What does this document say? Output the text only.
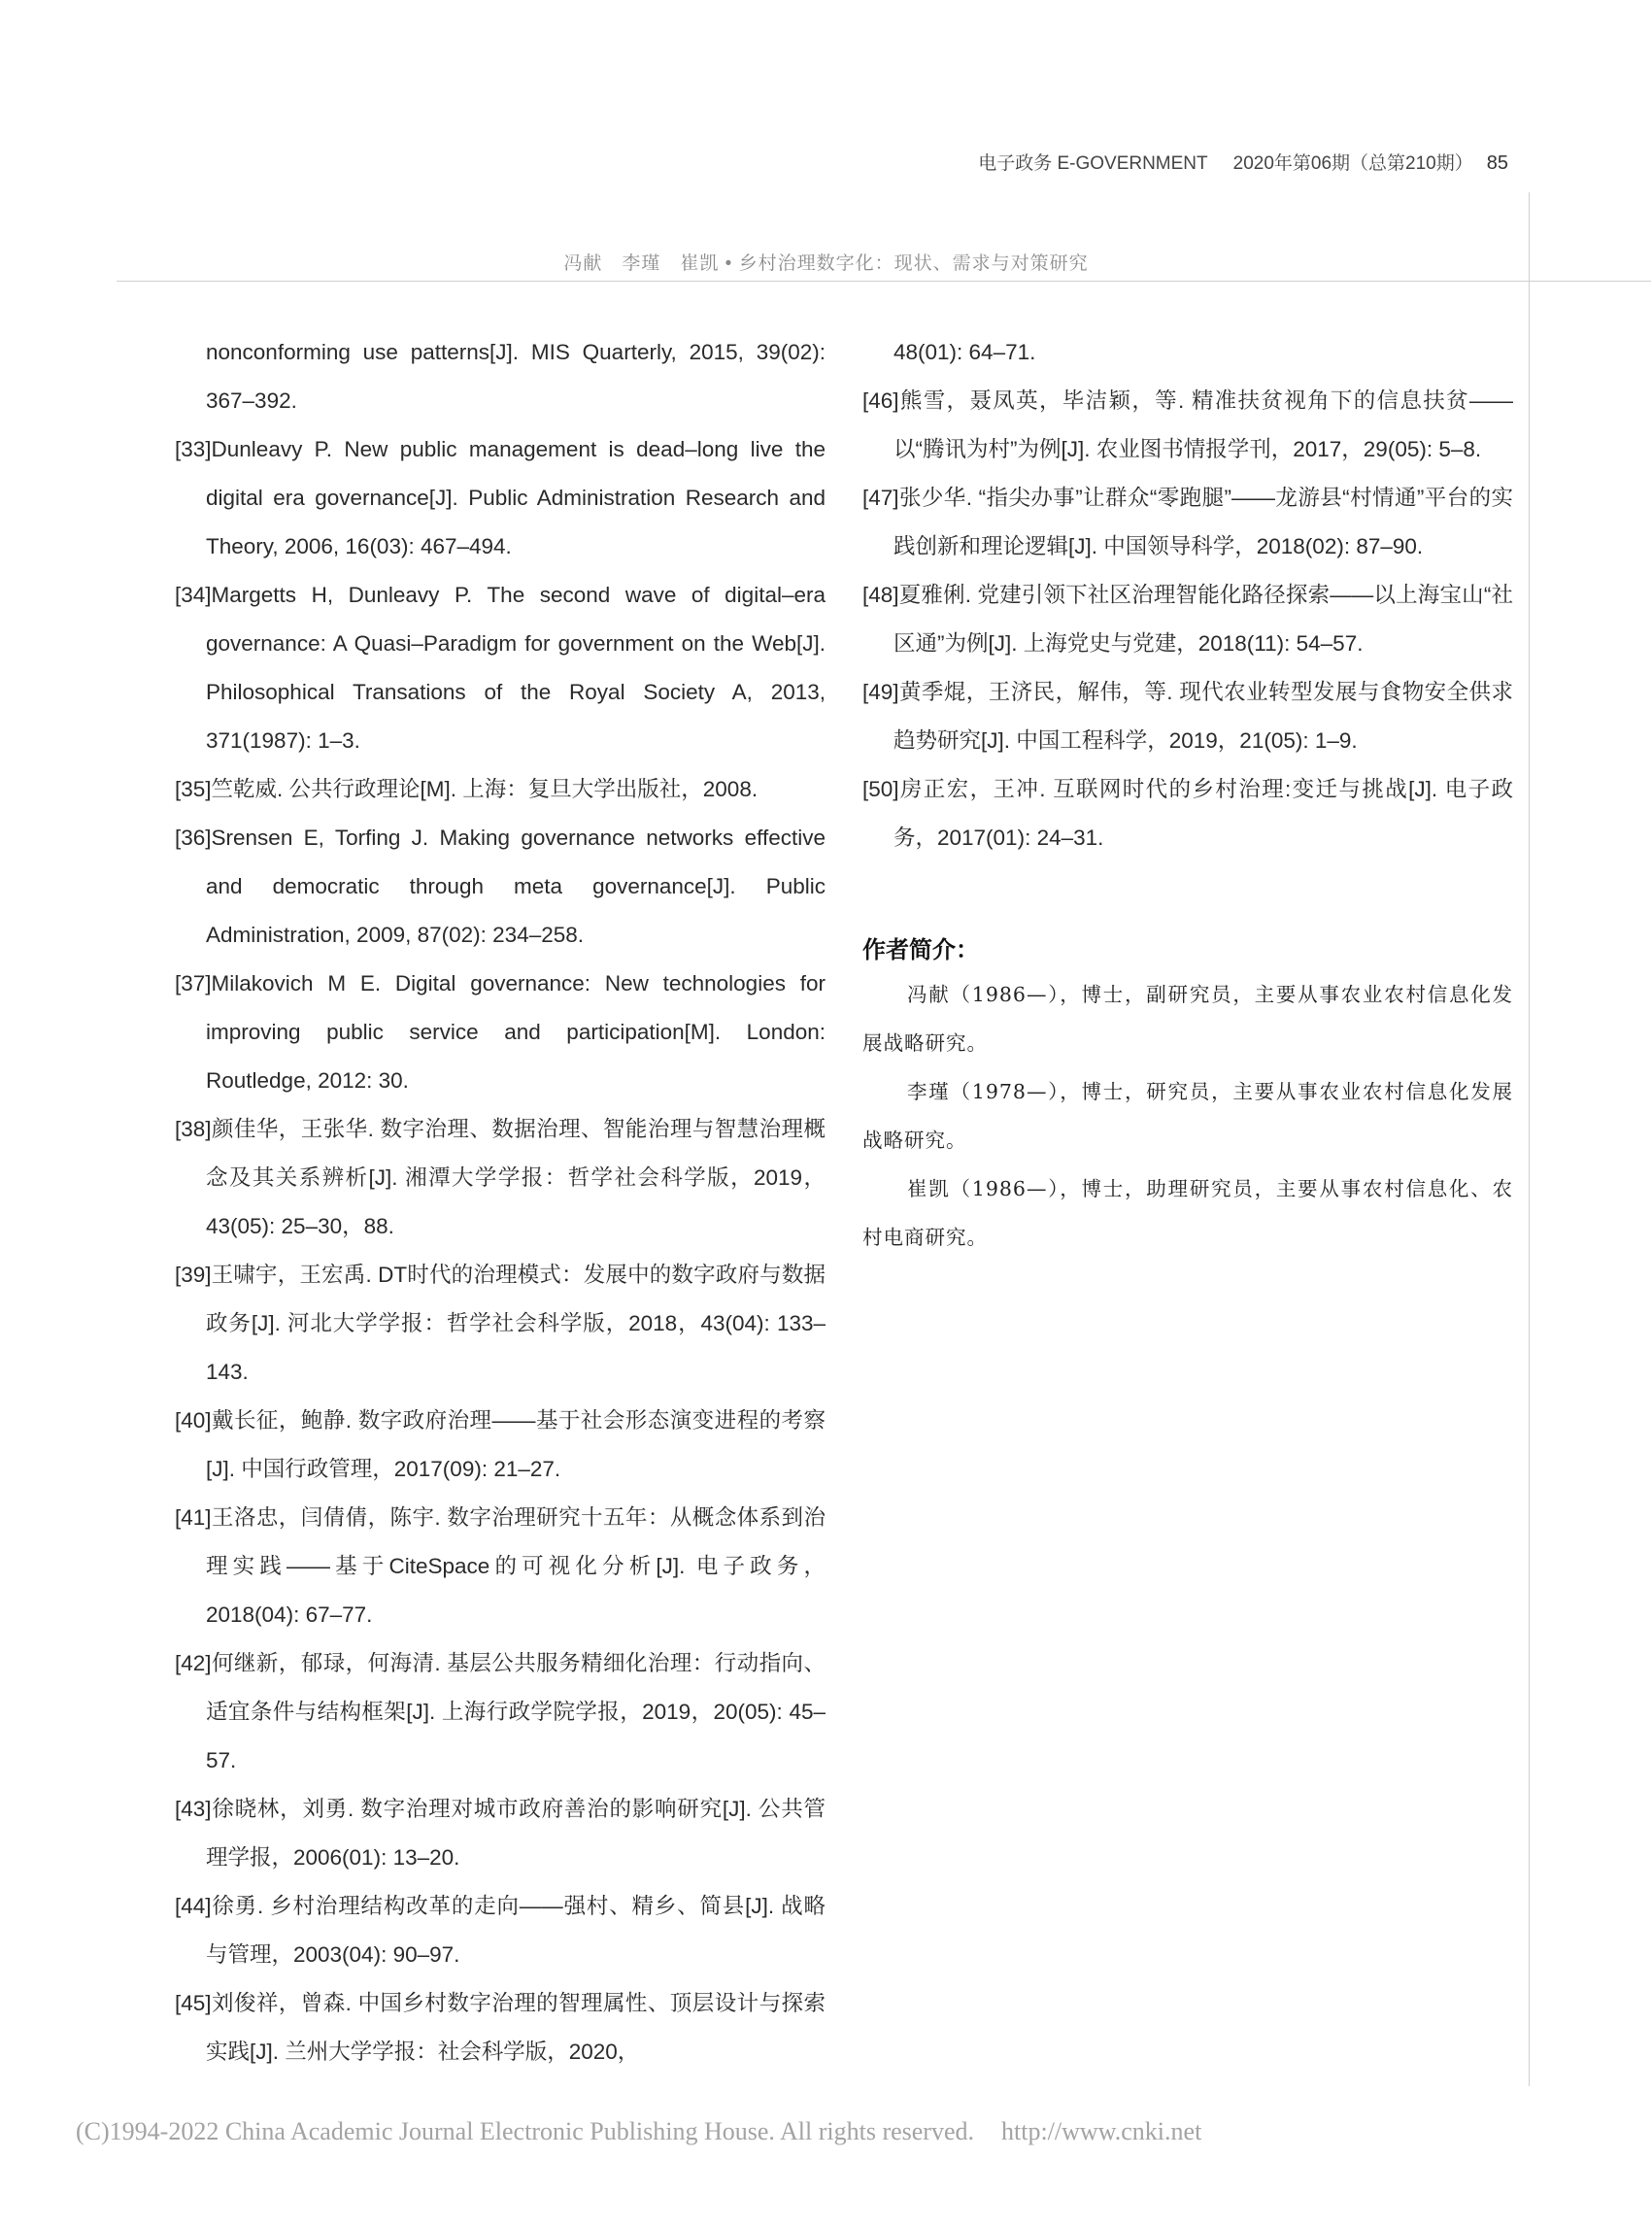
电子政务 E-GOVERNMENT 2020年第06期（总第210期） 85
冯献　李瑾　崔凯 • 乡村治理数字化：现状、需求与对策研究

nonconforming use patterns[J]. MIS Quarterly, 2015, 39(02): 367–392.

[33]Dunleavy P. New public management is dead–long live the digital era governance[J]. Public Administration Research and Theory, 2006, 16(03): 467–494.

[34]Margetts H, Dunleavy P. The second wave of digital–era governance: A Quasi–Paradigm for government on the Web[J]. Philosophical Transations of the Royal Society A, 2013, 371(1987): 1–3.

[35]竺乾威. 公共行政理论[M]. 上海：复旦大学出版社，2008.

[36]Srensen E, Torfing J. Making governance networks effective and democratic through meta governance[J]. Public Administration, 2009, 87(02): 234–258.

[37]Milakovich M E. Digital governance: New technologies for improving public service and participation[M]. London: Routledge, 2012: 30.

[38]颜佳华，王张华. 数字治理、数据治理、智能治理与智慧治理概念及其关系辨析[J]. 湘潭大学学报：哲学社会科学版，2019，43(05): 25–30，88.

[39]王啸宇，王宏禹. DT时代的治理模式：发展中的数字政府与数据政务[J]. 河北大学学报：哲学社会科学版，2018，43(04): 133–143.

[40]戴长征，鲍静. 数字政府治理——基于社会形态演变进程的考察[J]. 中国行政管理，2017(09): 21–27.

[41]王洛忠，闫倩倩，陈宇. 数字治理研究十五年：从概念体系到治理实践——基于CiteSpace的可视化分析[J]. 电子政务，2018(04): 67–77.

[42]何继新，郁琭，何海清. 基层公共服务精细化治理：行动指向、适宜条件与结构框架[J]. 上海行政学院学报，2019，20(05): 45–57.

[43]徐晓林，刘勇. 数字治理对城市政府善治的影响研究[J]. 公共管理学报，2006(01): 13–20.

[44]徐勇. 乡村治理结构改革的走向——强村、精乡、简县[J]. 战略与管理，2003(04): 90–97.

[45]刘俊祥，曾森. 中国乡村数字治理的智理属性、顶层设计与探索实践[J]. 兰州大学学报：社会科学版，2020，

48(01): 64–71.

[46]熊雪，聂凤英，毕洁颖，等. 精准扶贫视角下的信息扶贫——以“腾讯为村”为例[J]. 农业图书情报学刊，2017，29(05): 5–8.

[47]张少华. “指尖办事”让群众“零跑腿”——龙游县“村情通”平台的实践创新和理论逻辑[J]. 中国领导科学，2018(02): 87–90.

[48]夏雅俐. 党建引领下社区治理智能化路径探索——以上海宝山“社区通”为例[J]. 上海党史与党建，2018(11): 54–57.

[49]黄季焜，王济民，解伟，等. 现代农业转型发展与食物安全供求趋势研究[J]. 中国工程科学，2019，21(05): 1–9.

[50]房正宏，王冲. 互联网时代的乡村治理:变迁与挑战[J]. 电子政务，2017(01): 24–31.

作者简介：

冯献（1986—），博士，副研究员，主要从事农业农村信息化发展战略研究。

李瑾（1978—），博士，研究员，主要从事农业农村信息化发展战略研究。

崔凯（1986—），博士，助理研究员，主要从事农村信息化、农村电商研究。

(C)1994-2022 China Academic Journal Electronic Publishing House. All rights reserved. http://www.cnki.net
